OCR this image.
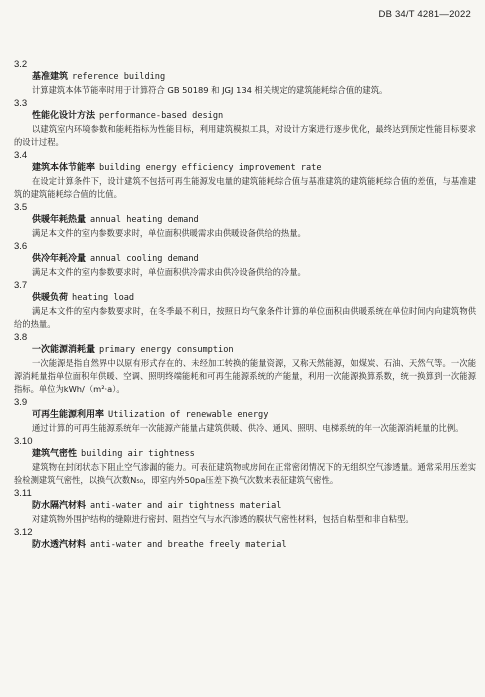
DB 34/T 4281—2022
3.2
基准建筑 reference building

计算建筑本体节能率时用于计算符合 GB 50189 和 JGJ 134 相关规定的建筑能耗综合值的建筑。

3.3
性能化设计方法 performance-based design

以建筑室内环境参数和能耗指标为性能目标，利用建筑模拟工具，对设计方案进行逐步优化，最终达到预定性能目标要求的设计过程。

3.4
建筑本体节能率 building energy efficiency improvement rate

在设定计算条件下，设计建筑不包括可再生能源发电量的建筑能耗综合值与基准建筑的建筑能耗综合值的差值，与基准建筑的建筑能耗综合值的比值。

3.5
供暖年耗热量 annual heating demand

满足本文件的室内参数要求时，单位面积供暖需求由供暖设备供给的热量。

3.6
供冷年耗冷量 annual cooling demand

满足本文件的室内参数要求时，单位面积供冷需求由供冷设备供给的冷量。

3.7
供暖负荷 heating load

满足本文件的室内参数要求时，在冬季最不利日，按照日均气象条件计算的单位面积由供暖系统在单位时间内向建筑物供给的热量。

3.8
一次能源消耗量 primary energy consumption

一次能源是指自然界中以原有形式存在的、未经加工转换的能量资源，又称天然能源，如煤炭、石油、天然气等。一次能源消耗量指单位面积年供暖、空调、照明终端能耗和可再生能源系统的产能量，利用一次能源换算系数，统一换算到一次能源指标。单位为kWh/（m²·a）。

3.9
可再生能源利用率 Utilization of renewable energy

通过计算的可再生能源系统年一次能源产能量占建筑供暖、供冷、通风、照明、电梯系统的年一次能源消耗量的比例。

3.10
建筑气密性 building air tightness

建筑物在封闭状态下阻止空气渗漏的能力。可表征建筑物或房间在正常密闭情况下的无组织空气渗透量。通常采用压差实验检测建筑气密性，以换气次数N₅₀，即室内外50pa压差下换气次数来表征建筑气密性。

3.11
防水隔汽材料 anti-water and air tightness material

对建筑物外围护结构的缝隙进行密封、阻挡空气与水汽渗透的膜状气密性材料，包括自粘型和非自粘型。

3.12
防水透汽材料 anti-water and breathe freely material
